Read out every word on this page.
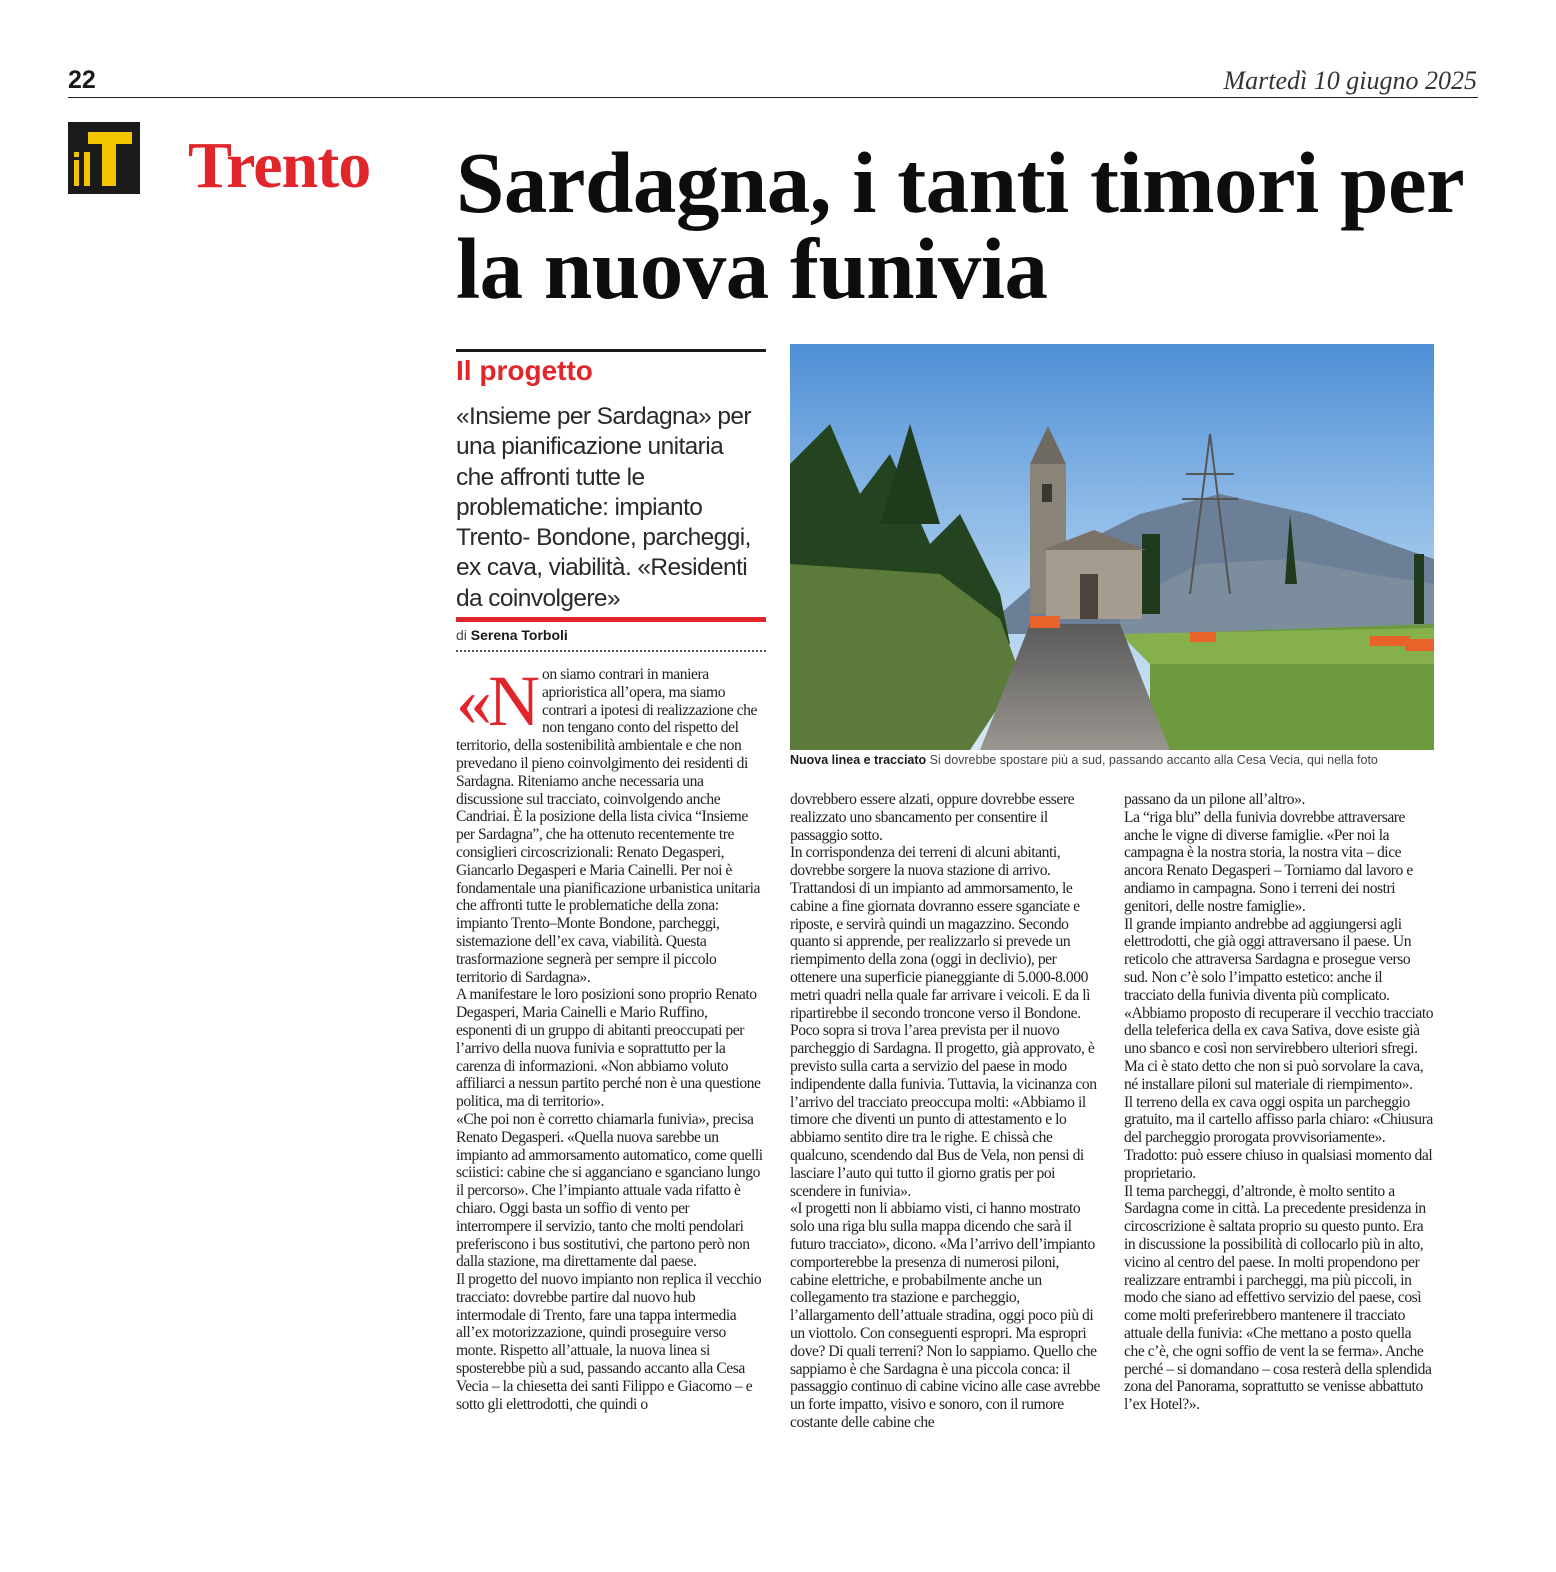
22	Martedì 10 giugno 2025
Trento Sardagna, i tanti timori per la nuova funivia
Il progetto
«Insieme per Sardagna» per una pianificazione unitaria che affronti tutte le problematiche: impianto Trento- Bondone, parcheggi, ex cava, viabilità. «Residenti da coinvolgere»
di Serena Torboli
Nuova linea e tracciato Si dovrebbe spostare più a sud, passando accanto alla Cesa Vecia, qui nella foto
«N on siamo contrari in maniera aprioristica all’opera, ma siamo contrari a ipotesi di realizzazione che non tengano conto del rispetto del territorio, della sostenibilità ambientale e che non prevedano il pieno coinvolgimento dei residenti di Sardagna. Riteniamo anche necessaria una discussione sul tracciato, coinvolgendo anche Candriai. È la posizione della lista civica “Insieme per Sardagna”, che ha ottenuto recentemente tre consiglieri circoscrizionali: Renato Degasperi, Giancarlo Degasperi e Maria Cainelli. Per noi è fondamentale una pianificazione urbanistica unitaria che affronti tutte le problematiche della zona: impianto Trento–Monte Bondone, parcheggi, sistemazione dell’ex cava, viabilità. Questa trasformazione segnerà per sempre il piccolo territorio di Sardagna».

A manifestare le loro posizioni sono proprio Renato Degasperi, Maria Cainelli e Mario Ruffino, esponenti di un gruppo di abitanti preoccupati per l’arrivo della nuova funivia e soprattutto per la carenza di informazioni. «Non abbiamo voluto affiliarci a nessun partito perché non è una questione politica, ma di territorio».

«Che poi non è corretto chiamarla funivia», precisa Renato Degasperi. «Quella nuova sarebbe un impianto ad ammorsamento automatico, come quelli sciistici: cabine che si agganciano e sganciano lungo il percorso». Che l’impianto attuale vada rifatto è chiaro. Oggi basta un soffio di vento per interrompere il servizio, tanto che molti pendolari preferiscono i bus sostitutivi, che partono però non dalla stazione, ma direttamente dal paese.

Il progetto del nuovo impianto non replica il vecchio tracciato: dovrebbe partire dal nuovo hub intermodale di Trento, fare una tappa intermedia all’ex motorizzazione, quindi proseguire verso monte. Rispetto all’attuale, la nuova linea si sposterebbe più a sud, passando accanto alla Cesa Vecia – la chiesetta dei santi Filippo e Giacomo – e sotto gli elettrodotti, che quindi o

dovrebbero essere alzati, oppure dovrebbe essere realizzato uno sbancamento per consentire il passaggio sotto.

In corrispondenza dei terreni di alcuni abitanti, dovrebbe sorgere la nuova stazione di arrivo. Trattandosi di un impianto ad ammorsamento, le cabine a fine giornata dovranno essere sganciate e riposte, e servirà quindi un magazzino. Secondo quanto si apprende, per realizzarlo si prevede un riempimento della zona (oggi in declivio), per ottenere una superficie pianeggiante di 5.000-8.000 metri quadri nella quale far arrivare i veicoli. E da lì ripartirebbe il secondo troncone verso il Bondone.

Poco sopra si trova l’area prevista per il nuovo parcheggio di Sardagna. Il progetto, già approvato, è previsto sulla carta a servizio del paese in modo indipendente dalla funivia. Tuttavia, la vicinanza con l’arrivo del tracciato preoccupa molti: «Abbiamo il timore che diventi un punto di attestamento e lo abbiamo sentito dire tra le righe. E chissà che qualcuno, scendendo dal Bus de Vela, non pensi di lasciare l’auto qui tutto il giorno gratis per poi scendere in funivia».

«I progetti non li abbiamo visti, ci hanno mostrato solo una riga blu sulla mappa dicendo che sarà il futuro tracciato», dicono. «Ma l’arrivo dell’impianto comporterebbe la presenza di numerosi piloni, cabine elettriche, e probabilmente anche un collegamento tra stazione e parcheggio, l’allargamento dell’attuale stradina, oggi poco più di un viottolo. Con conseguenti espropri. Ma espropri dove? Di quali terreni? Non lo sappiamo. Quello che sappiamo è che Sardagna è una piccola conca: il passaggio continuo di cabine vicino alle case avrebbe un forte impatto, visivo e sonoro, con il rumore costante delle cabine che

passano da un pilone all’altro».

La “riga blu” della funivia dovrebbe attraversare anche le vigne di diverse famiglie. «Per noi la campagna è la nostra storia, la nostra vita – dice ancora Renato Degasperi – Torniamo dal lavoro e andiamo in campagna. Sono i terreni dei nostri genitori, delle nostre famiglie».

Il grande impianto andrebbe ad aggiungersi agli elettrodotti, che già oggi attraversano il paese. Un reticolo che attraversa Sardagna e prosegue verso sud. Non c’è solo l’impatto estetico: anche il tracciato della funivia diventa più complicato. «Abbiamo proposto di recuperare il vecchio tracciato della teleferica della ex cava Sativa, dove esiste già uno sbanco e così non servirebbero ulteriori sfregi. Ma ci è stato detto che non si può sorvolare la cava, né installare piloni sul materiale di riempimento».

Il terreno della ex cava oggi ospita un parcheggio gratuito, ma il cartello affisso parla chiaro: «Chiusura del parcheggio prorogata provvisoriamente». Tradotto: può essere chiuso in qualsiasi momento dal proprietario.

Il tema parcheggi, d’altronde, è molto sentito a Sardagna come in città. La precedente presidenza in circoscrizione è saltata proprio su questo punto. Era in discussione la possibilità di collocarlo più in alto, vicino al centro del paese. In molti propendono per realizzare entrambi i parcheggi, ma più piccoli, in modo che siano ad effettivo servizio del paese, così come molti preferirebbero mantenere il tracciato attuale della funivia: «Che mettano a posto quella che c’è, che ogni soffio de vent la se ferma». Anche perché – si domandano – cosa resterà della splendida zona del Panorama, soprattutto se venisse abbattuto l’ex Hotel?».
